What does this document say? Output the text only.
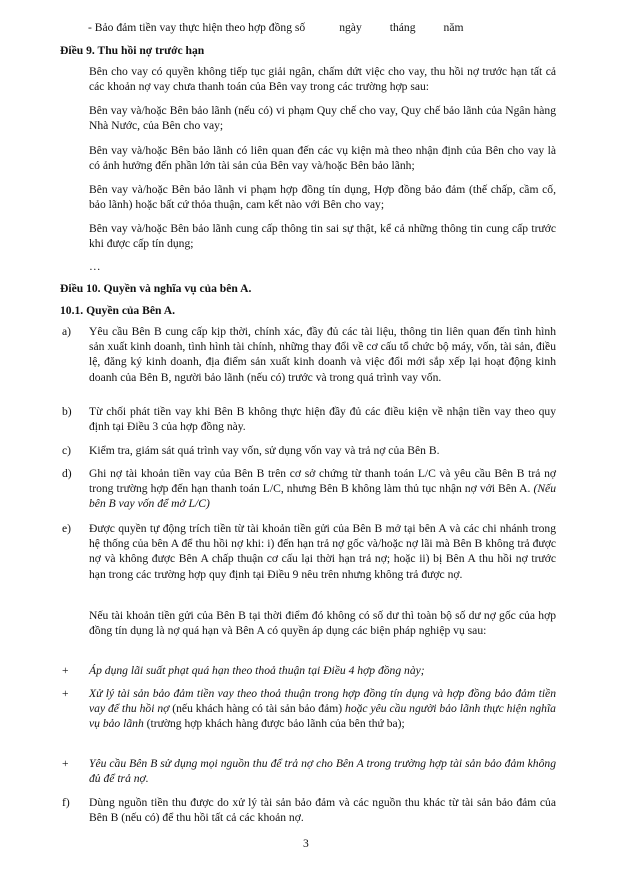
- Bảo đảm tiền vay thực hiện theo hợp đồng số	ngày tháng năm

Điều 9. Thu hồi nợ trước hạn

Bên cho vay có quyền không tiếp tục giải ngân, chấm dứt việc cho vay, thu hồi nợ trước hạn tất cả các khoản nợ vay chưa thanh toán của Bên vay trong các trường hợp sau:

Bên vay và/hoặc Bên bảo lãnh (nếu có) vi phạm Quy chế cho vay, Quy chế bảo lãnh của Ngân hàng Nhà Nước, của Bên cho vay;

Bên vay và/hoặc Bên bảo lãnh có liên quan đến các vụ kiện mà theo nhận định của Bên cho vay là có ảnh hưởng đến phần lớn tài sản của Bên vay và/hoặc Bên bảo lãnh;

Bên vay và/hoặc Bên bảo lãnh vi phạm hợp đồng tín dụng, Hợp đồng bảo đảm (thế chấp, cầm cố, bảo lãnh) hoặc bất cứ thỏa thuận, cam kết nào với Bên cho vay;

Bên vay và/hoặc Bên bảo lãnh cung cấp thông tin sai sự thật, kể cả những thông tin cung cấp trước khi được cấp tín dụng;

…

Điều 10. Quyền và nghĩa vụ của bên A.

10.1. Quyền của Bên A.

a) Yêu cầu Bên B cung cấp kịp thời, chính xác, đầy đủ các tài liệu, thông tin liên quan đến tình hình sản xuất kinh doanh, tình hình tài chính, những thay đổi về cơ cấu tổ chức bộ máy, vốn, tài sản, điều lệ, đăng ký kinh doanh, địa điểm sản xuất kinh doanh và việc đổi mới sắp xếp lại hoạt động kinh doanh của Bên B, người bảo lãnh (nếu có) trước và trong quá trình vay vốn.

b) Từ chối phát tiền vay khi Bên B không thực hiện đầy đủ các điều kiện về nhận tiền vay theo quy định tại Điều 3 của hợp đồng này.

c) Kiểm tra, giám sát quá trình vay vốn, sử dụng vốn vay và trả nợ của Bên B.

d) Ghi nợ tài khoản tiền vay của Bên B trên cơ sở chứng từ thanh toán L/C và yêu cầu Bên B trả nợ trong trường hợp đến hạn thanh toán L/C, nhưng Bên B không làm thủ tục nhận nợ với Bên A. (Nếu bên B vay vốn để mở L/C)

e) Được quyền tự động trích tiền từ tài khoản tiền gửi của Bên B mở tại bên A và các chi nhánh trong hệ thống của bên A để thu hồi nợ khi: i) đến hạn trả nợ gốc và/hoặc nợ lãi mà Bên B không trả được nợ và không được Bên A chấp thuận cơ cấu lại thời hạn trả nợ; hoặc ii) bị Bên A thu hồi nợ trước hạn trong các trường hợp quy định tại Điều 9 nêu trên nhưng không trả được nợ.

Nếu tài khoản tiền gửi của Bên B tại thời điểm đó không có số dư thì toàn bộ số dư nợ gốc của hợp đồng tín dụng là nợ quá hạn và Bên A có quyền áp dụng các biện pháp nghiệp vụ sau:

+ Áp dụng lãi suất phạt quá hạn theo thoả thuận tại Điều 4 hợp đồng này;

+ Xử lý tài sản bảo đảm tiền vay theo thoả thuận trong hợp đồng tín dụng và hợp đồng bảo đảm tiền vay để thu hồi nợ (nếu khách hàng có tài sản bảo đảm) hoặc yêu cầu người bảo lãnh thực hiện nghĩa vụ bảo lãnh (trường hợp khách hàng được bảo lãnh của bên thứ ba);

+ Yêu cầu Bên B sử dụng mọi nguồn thu để trả nợ cho Bên A trong trường hợp tài sản bảo đảm không đủ để trả nợ.

f) Dùng nguồn tiền thu được do xử lý tài sản bảo đảm và các nguồn thu khác từ tài sản bảo đảm của Bên B (nếu có) để thu hồi tất cả các khoản nợ.

3
